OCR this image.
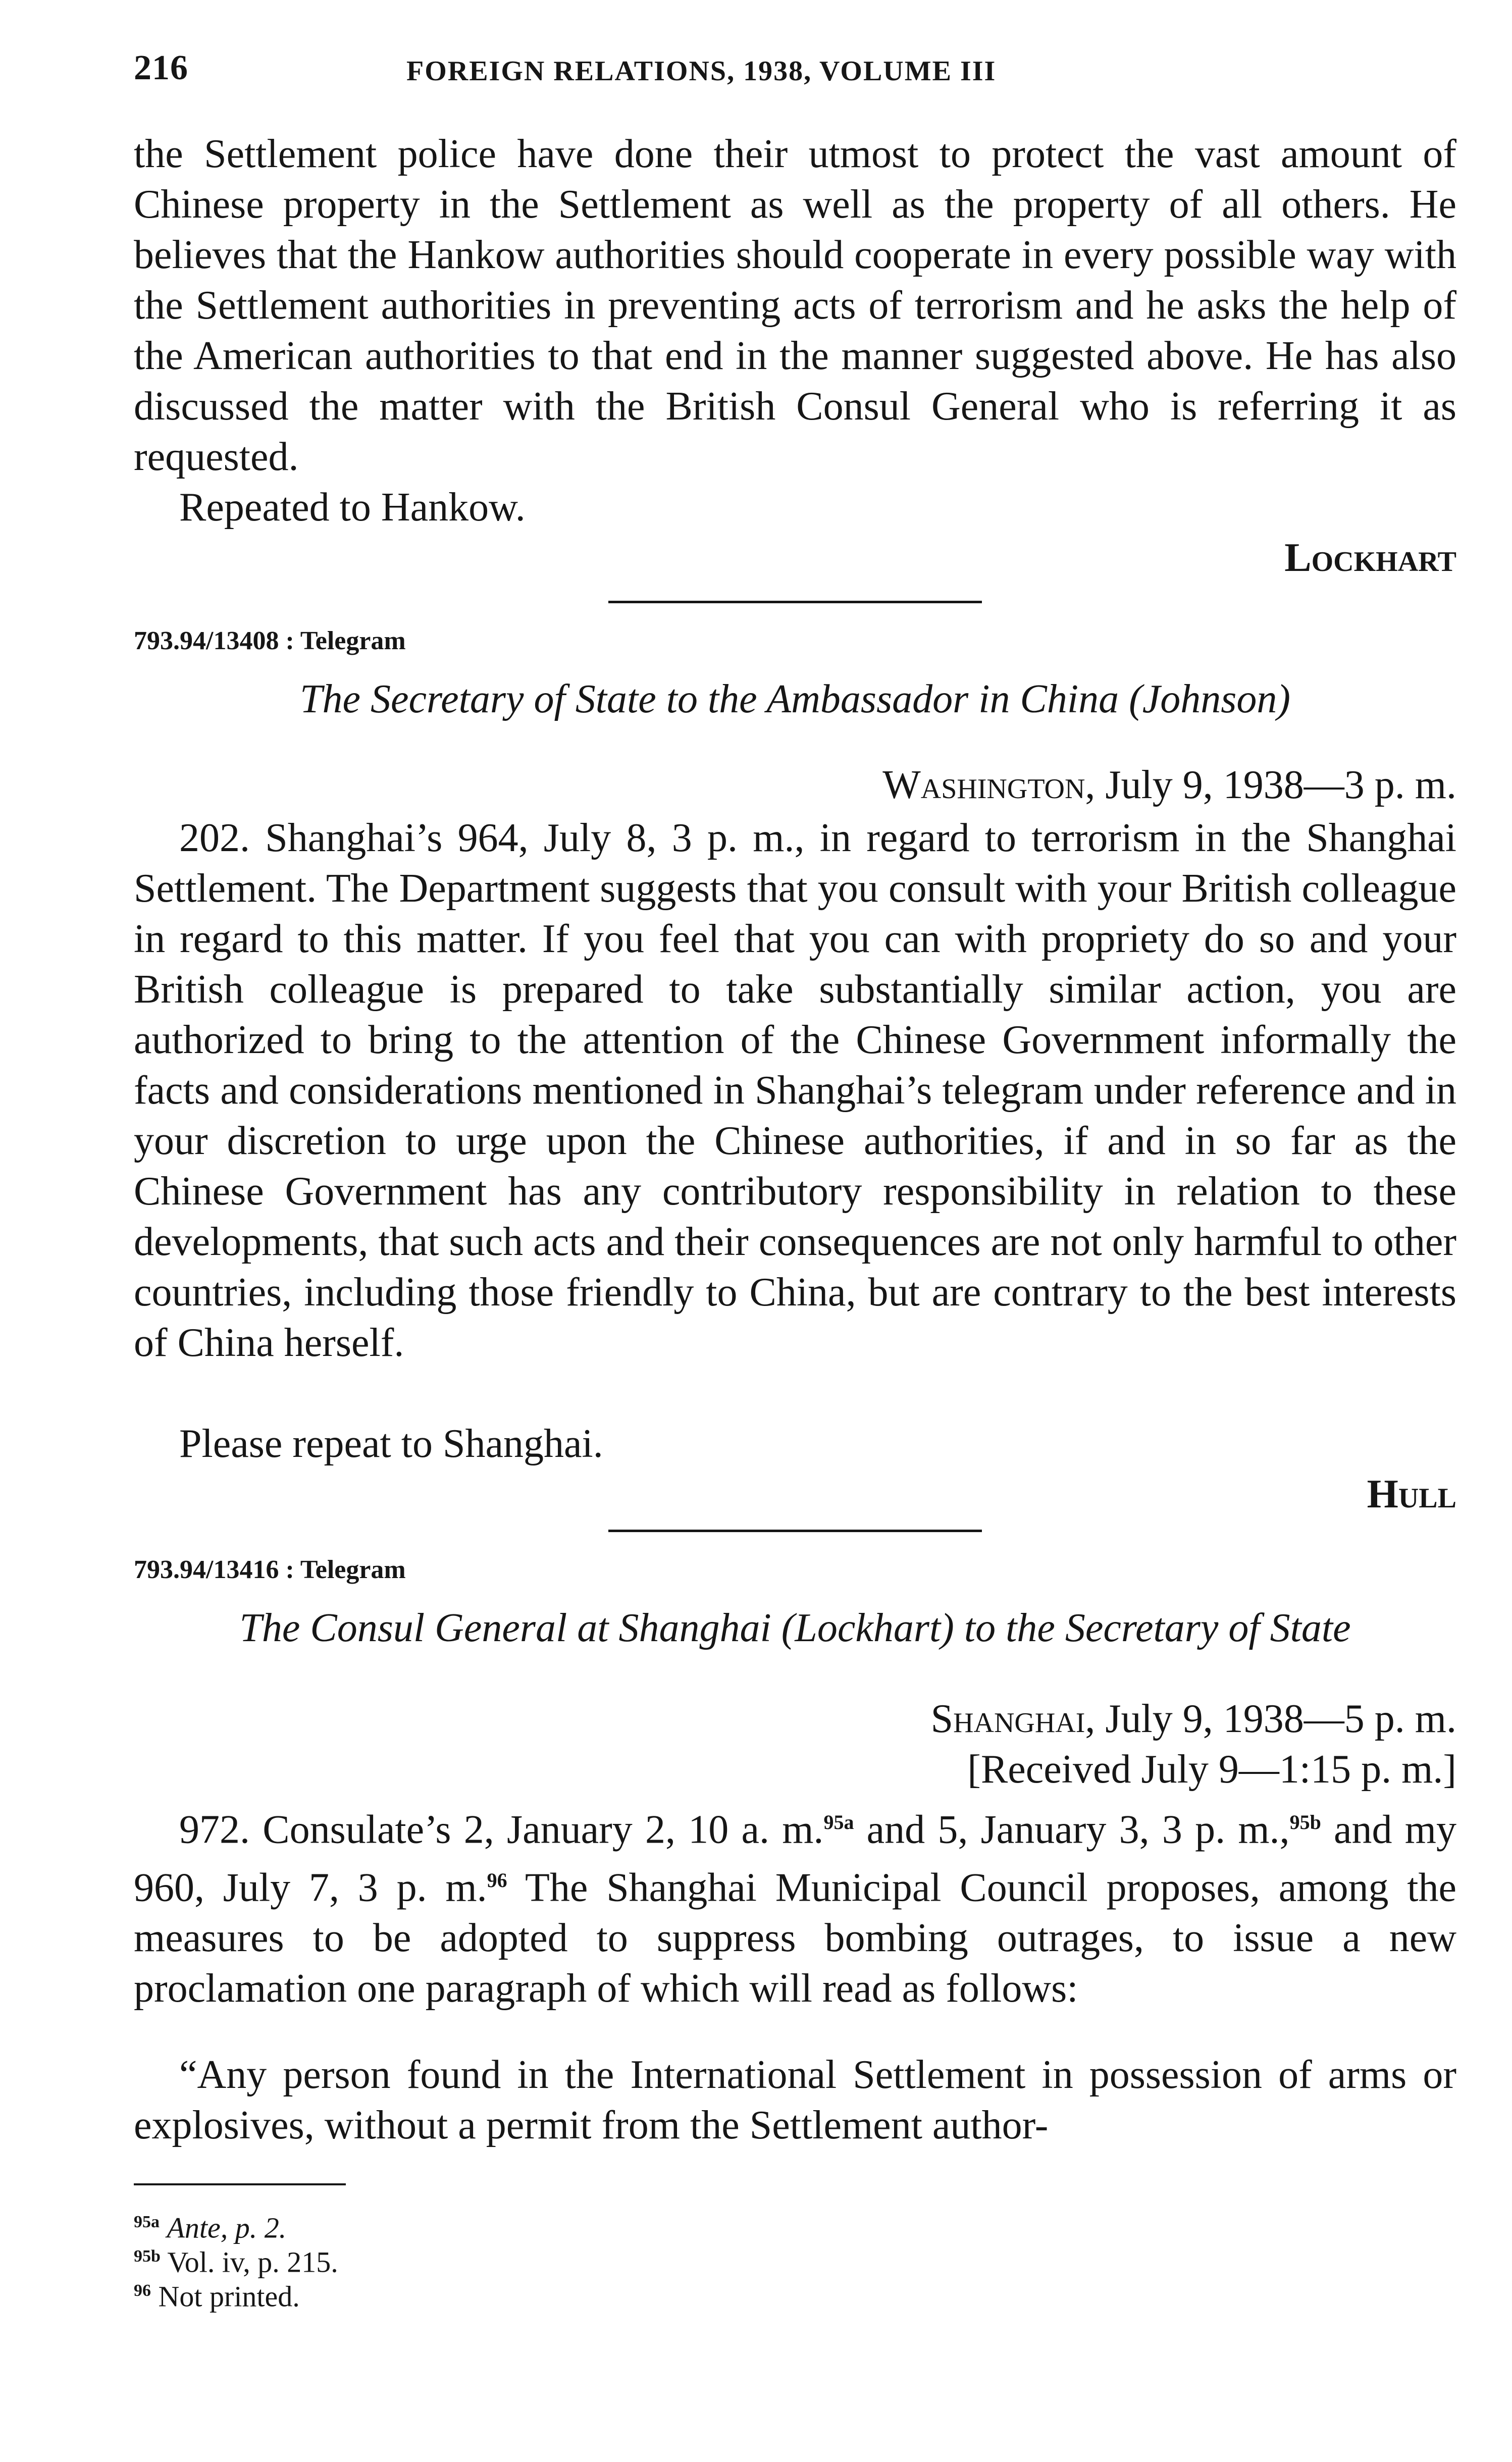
216	FOREIGN RELATIONS, 1938, VOLUME III

the Settlement police have done their utmost to protect the vast amount of Chinese property in the Settlement as well as the property of all others. He believes that the Hankow authorities should cooperate in every possible way with the Settlement authorities in preventing acts of terrorism and he asks the help of the American authorities to that end in the manner suggested above. He has also discussed the matter with the British Consul General who is referring it as requested.

Repeated to Hankow.

Lockhart
793.94/13408 : Telegram
The Secretary of State to the Ambassador in China (Johnson)
Washington, July 9, 1938—3 p. m.

202. Shanghai’s 964, July 8, 3 p. m., in regard to terrorism in the Shanghai Settlement. The Department suggests that you consult with your British colleague in regard to this matter. If you feel that you can with propriety do so and your British colleague is prepared to take substantially similar action, you are authorized to bring to the attention of the Chinese Government informally the facts and considerations mentioned in Shanghai’s telegram under reference and in your discretion to urge upon the Chinese authorities, if and in so far as the Chinese Government has any contributory responsibility in relation to these developments, that such acts and their consequences are not only harmful to other countries, including those friendly to China, but are contrary to the best interests of China herself.

Please repeat to Shanghai.

Hull
793.94/13416 : Telegram
The Consul General at Shanghai (Lockhart) to the Secretary of State
Shanghai, July 9, 1938—5 p. m.
[Received July 9—1:15 p. m.]

972. Consulate’s 2, January 2, 10 a. m.$^{95a}$ and 5, January 3, 3 p. m.,$^{95b}$ and my 960, July 7, 3 p. m.$^{96}$ The Shanghai Municipal Council proposes, among the measures to be adopted to suppress bombing outrages, to issue a new proclamation one paragraph of which will read as follows:

“Any person found in the International Settlement in possession of arms or explosives, without a permit from the Settlement author-

$^{95a}$ Ante, p. 2.
$^{95b}$ Vol. iv, p. 215.
$^{96}$ Not printed.
